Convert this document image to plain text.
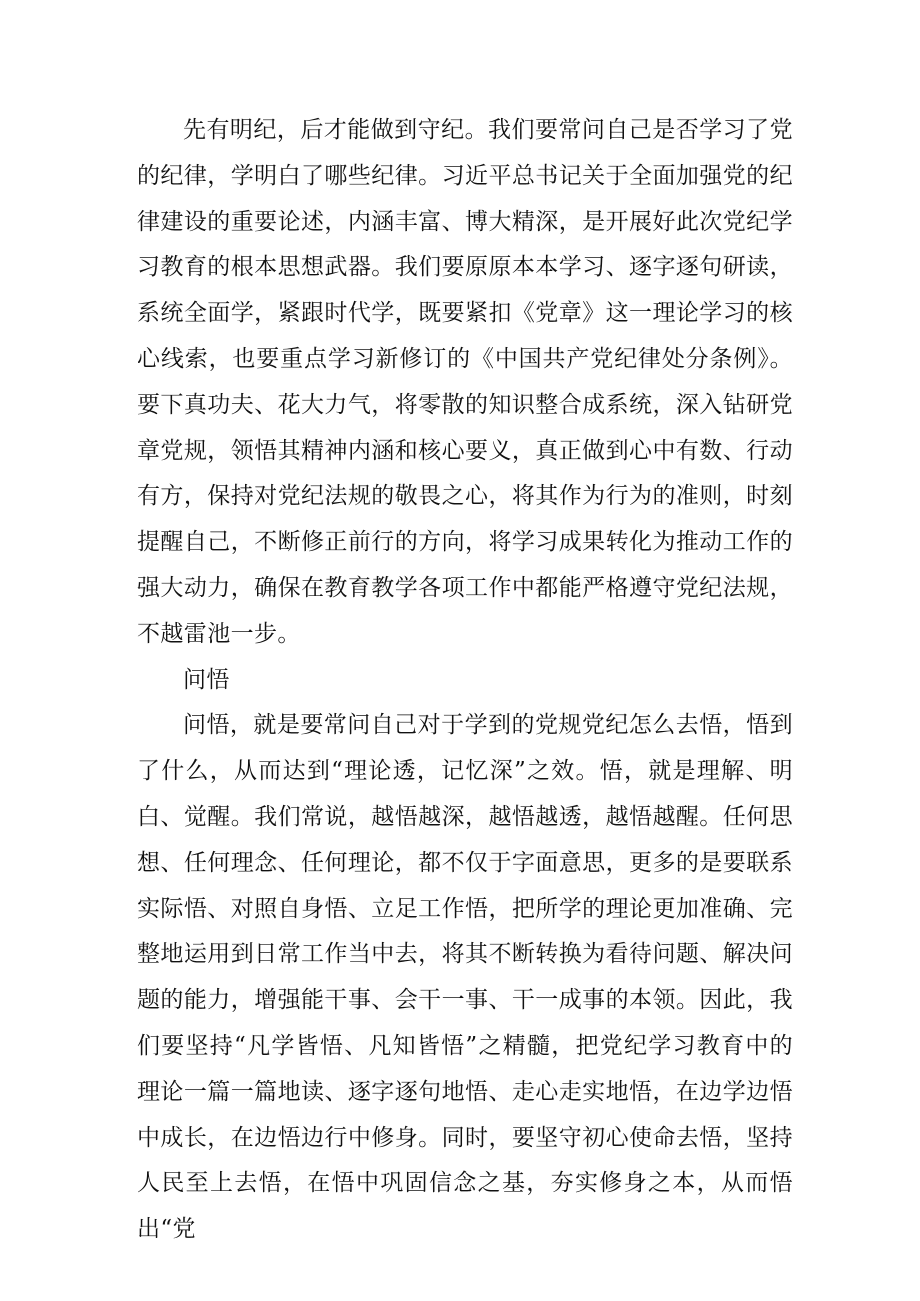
先有明纪，后才能做到守纪。我们要常问自己是否学习了党的纪律，学明白了哪些纪律。习近平总书记关于全面加强党的纪律建设的重要论述，内涵丰富、博大精深，是开展好此次党纪学习教育的根本思想武器。我们要原原本本学习、逐字逐句研读，系统全面学，紧跟时代学，既要紧扣《党章》这一理论学习的核心线索，也要重点学习新修订的《中国共产党纪律处分条例》。要下真功夫、花大力气，将零散的知识整合成系统，深入钻研党章党规，领悟其精神内涵和核心要义，真正做到心中有数、行动有方，保持对党纪法规的敬畏之心，将其作为行为的准则，时刻提醒自己，不断修正前行的方向，将学习成果转化为推动工作的强大动力，确保在教育教学各项工作中都能严格遵守党纪法规，不越雷池一步。

问悟

问悟，就是要常问自己对于学到的党规党纪怎么去悟，悟到了什么，从而达到“理论透，记忆深”之效。悟，就是理解、明白、觉醒。我们常说，越悟越深，越悟越透，越悟越醒。任何思想、任何理念、任何理论，都不仅于字面意思，更多的是要联系实际悟、对照自身悟、立足工作悟，把所学的理论更加准确、完整地运用到日常工作当中去，将其不断转换为看待问题、解决问题的能力，增强能干事、会干一事、干一成事的本领。因此，我们要坚持“凡学皆悟、凡知皆悟”之精髓，把党纪学习教育中的理论一篇一篇地读、逐字逐句地悟、走心走实地悟，在边学边悟中成长，在边悟边行中修身。同时，要坚守初心使命去悟，坚持人民至上去悟，在悟中巩固信念之基，夯实修身之本，从而悟出“党
